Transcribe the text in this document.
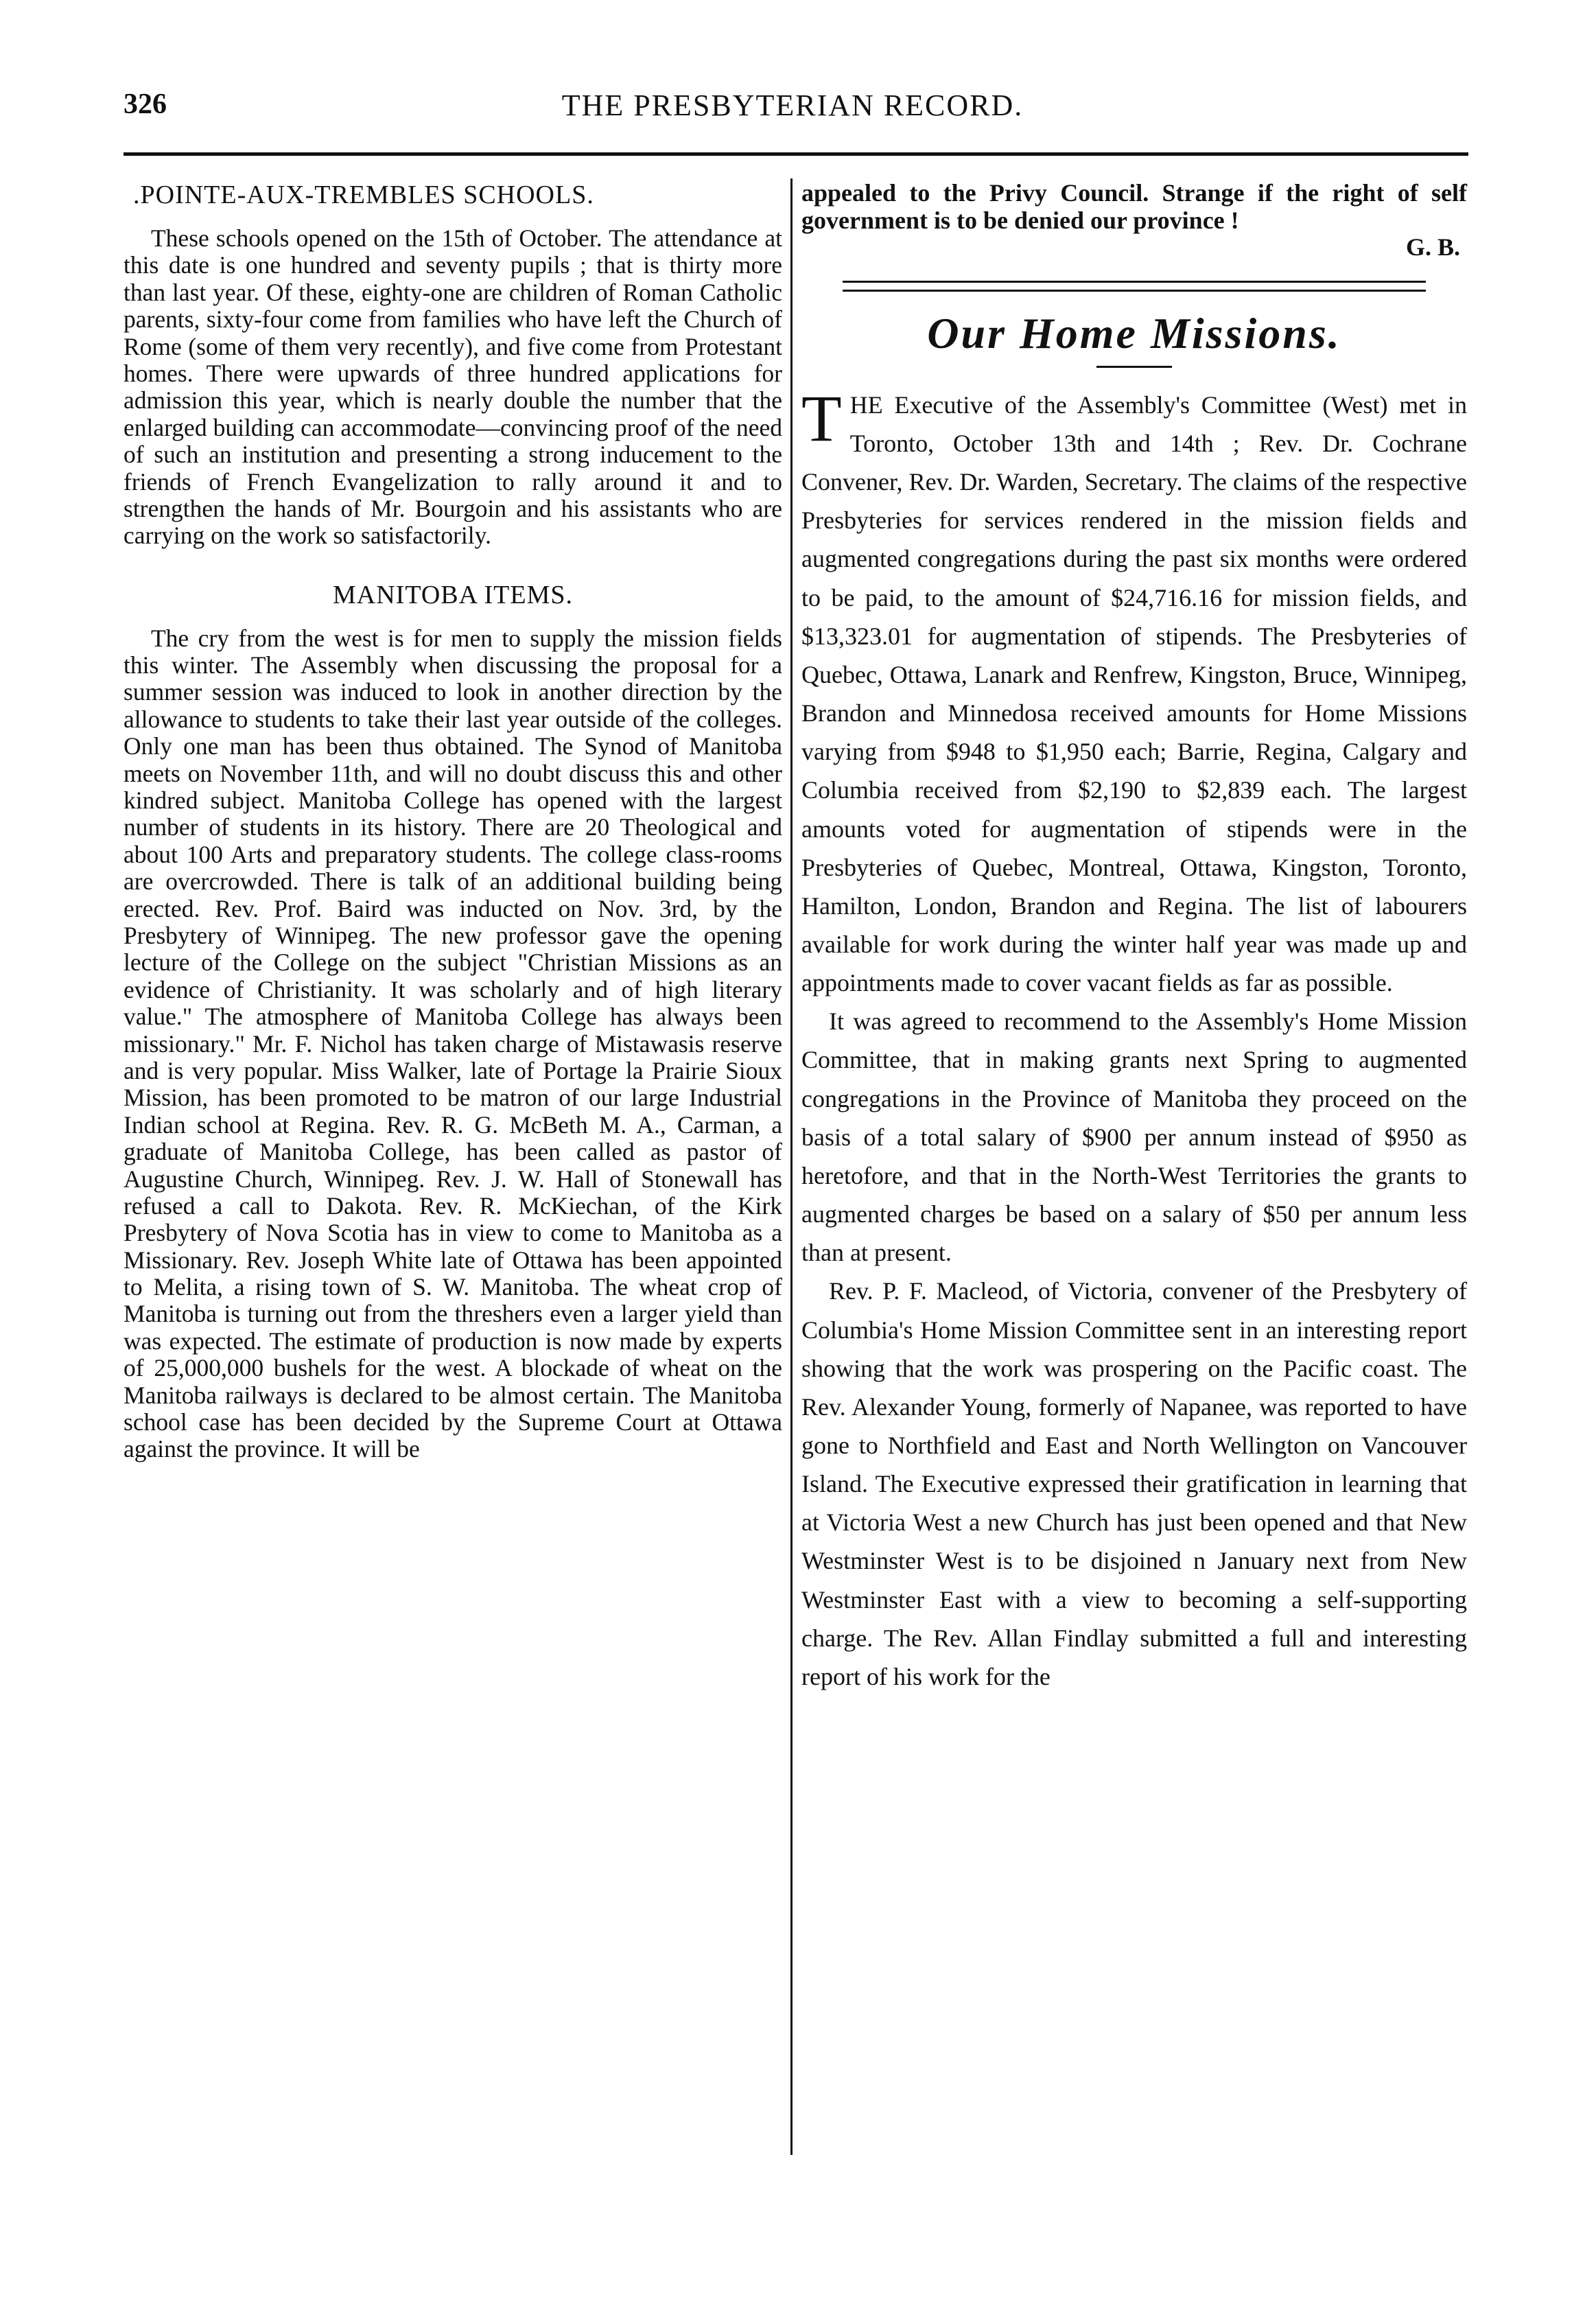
326	THE PRESBYTERIAN RECORD.
.POINTE-AUX-TREMBLES SCHOOLS.

These schools opened on the 15th of October. The attendance at this date is one hundred and seventy pupils ; that is thirty more than last year. Of these, eighty-one are children of Roman Catholic parents, sixty-four come from families who have left the Church of Rome (some of them very recently), and five come from Protestant homes. There were upwards of three hundred applications for admission this year, which is nearly double the number that the enlarged building can accommodate—convincing proof of the need of such an institution and presenting a strong inducement to the friends of French Evangelization to rally around it and to strengthen the hands of Mr. Bourgoin and his assistants who are carrying on the work so satisfactorily.

MANITOBA ITEMS.

The cry from the west is for men to supply the mission fields this winter. The Assembly when discussing the proposal for a summer session was induced to look in another direction by the allowance to students to take their last year outside of the colleges. Only one man has been thus obtained. The Synod of Manitoba meets on November 11th, and will no doubt discuss this and other kindred subject. Manitoba College has opened with the largest number of students in its history. There are 20 Theological and about 100 Arts and preparatory students. The college class-rooms are overcrowded. There is talk of an additional building being erected. Rev. Prof. Baird was inducted on Nov. 3rd, by the Presbytery of Winnipeg. The new professor gave the opening lecture of the College on the subject "Christian Missions as an evidence of Christianity. It was scholarly and of high literary value." The atmosphere of Manitoba College has always been missionary." Mr. F. Nichol has taken charge of Mistawasis reserve and is very popular. Miss Walker, late of Portage la Prairie Sioux Mission, has been promoted to be matron of our large Industrial Indian school at Regina. Rev. R. G. McBeth M. A., Carman, a graduate of Manitoba College, has been called as pastor of Augustine Church, Winnipeg. Rev. J. W. Hall of Stonewall has refused a call to Dakota. Rev. R. McKiechan, of the Kirk Presbytery of Nova Scotia has in view to come to Manitoba as a Missionary. Rev. Joseph White late of Ottawa has been appointed to Melita, a rising town of S. W. Manitoba. The wheat crop of Manitoba is turning out from the threshers even a larger yield than was expected. The estimate of production is now made by experts of 25,000,000 bushels for the west. A blockade of wheat on the Manitoba railways is declared to be almost certain. The Manitoba school case has been decided by the Supreme Court at Ottawa against the province. It will be

appealed to the Privy Council. Strange if the right of self government is to be denied our province !

G. B.
Our Home Missions.

THE Executive of the Assembly's Committee (West) met in Toronto, October 13th and 14th ; Rev. Dr. Cochrane Convener, Rev. Dr. Warden, Secretary. The claims of the respective Presbyteries for services rendered in the mission fields and augmented congregations during the past six months were ordered to be paid, to the amount of $24,716.16 for mission fields, and $13,323.01 for augmentation of stipends. The Presbyteries of Quebec, Ottawa, Lanark and Renfrew, Kingston, Bruce, Winnipeg, Brandon and Minnedosa received amounts for Home Missions varying from $948 to $1,950 each; Barrie, Regina, Calgary and Columbia received from $2,190 to $2,839 each. The largest amounts voted for augmentation of stipends were in the Presbyteries of Quebec, Montreal, Ottawa, Kingston, Toronto, Hamilton, London, Brandon and Regina. The list of labourers available for work during the winter half year was made up and appointments made to cover vacant fields as far as possible.

It was agreed to recommend to the Assembly's Home Mission Committee, that in making grants next Spring to augmented congregations in the Province of Manitoba they proceed on the basis of a total salary of $900 per annum instead of $950 as heretofore, and that in the North-West Territories the grants to augmented charges be based on a salary of $50 per annum less than at present.

Rev. P. F. Macleod, of Victoria, convener of the Presbytery of Columbia's Home Mission Committee sent in an interesting report showing that the work was prospering on the Pacific coast. The Rev. Alexander Young, formerly of Napanee, was reported to have gone to Northfield and East and North Wellington on Vancouver Island. The Executive expressed their gratification in learning that at Victoria West a new Church has just been opened and that New Westminster West is to be disjoined n January next from New Westminster East with a view to becoming a self-supporting charge. The Rev. Allan Findlay submitted a full and interesting report of his work for the
